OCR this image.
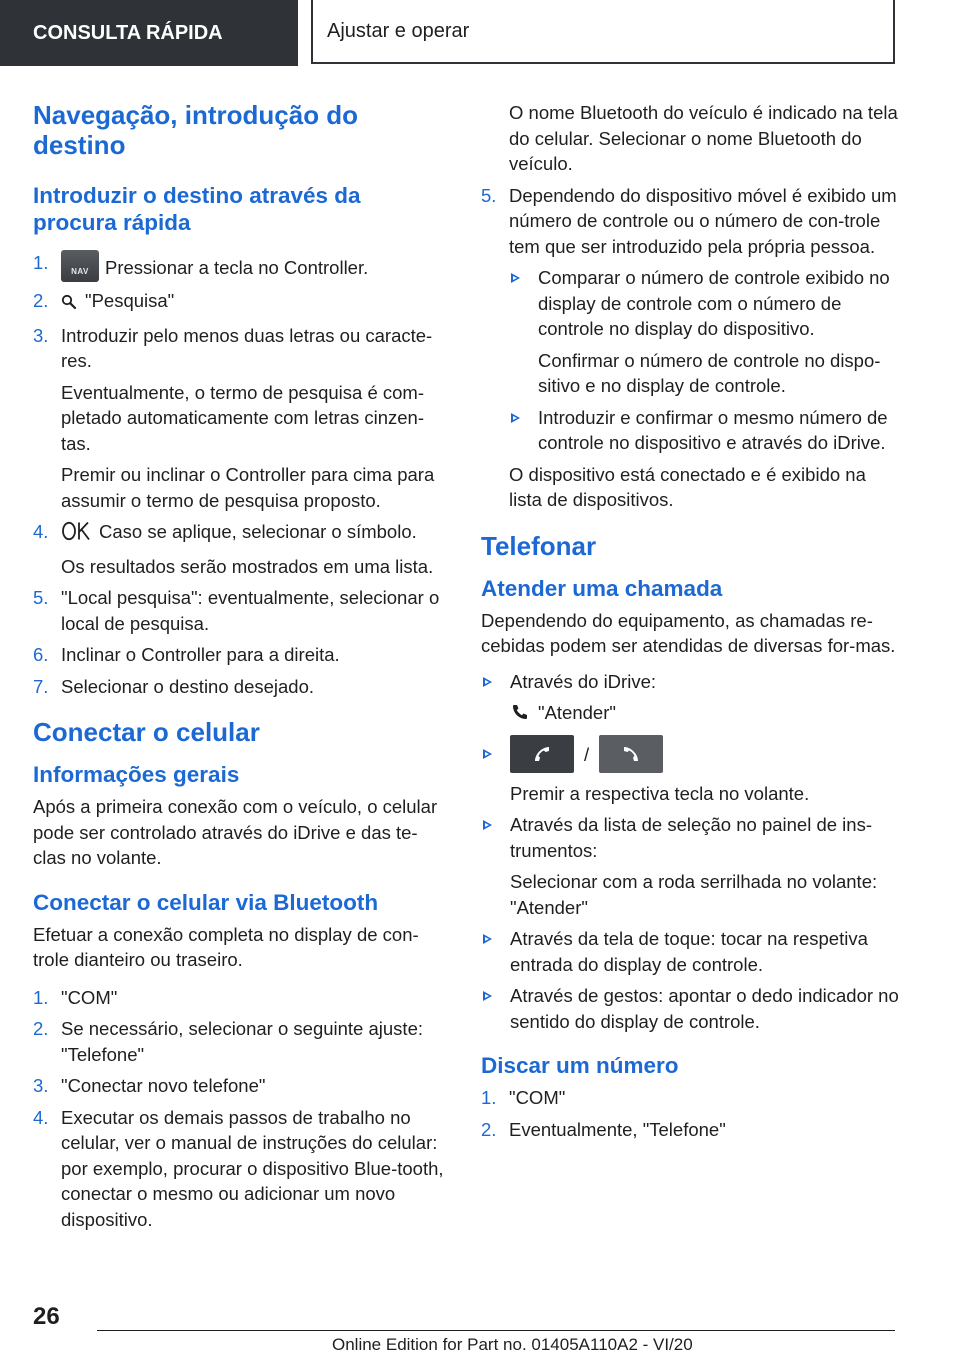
CONSULTA RÁPIDA	Ajustar e operar
Navegação, introdução do destino
Introduzir o destino através da procura rápida
1.	NAV Pressionar a tecla no Controller.
2. "Pesquisa"
3. Introduzir pelo menos duas letras ou caracte-res.

Eventualmente, o termo de pesquisa é com-pletado automaticamente com letras cinzen-tas.

Premir ou inclinar o Controller para cima para assumir o termo de pesquisa proposto.

4.	Caso se aplique, selecionar o símbolo.

Os resultados serão mostrados em uma lista.

5. "Local pesquisa": eventualmente, selecionar o local de pesquisa.
6. Inclinar o Controller para a direita.
7. Selecionar o destino desejado.
Conectar o celular
Informações gerais

Após a primeira conexão com o veículo, o celular pode ser controlado através do iDrive e das te-clas no volante.

Conectar o celular via Bluetooth

Efetuar a conexão completa no display de con-trole dianteiro ou traseiro.

1. "COM"
2. Se necessário, selecionar o seguinte ajuste: "Telefone"
3. "Conectar novo telefone"
4. Executar os demais passos de trabalho no celular, ver o manual de instruções do celular: por exemplo, procurar o dispositivo Blue-tooth, conectar o mesmo ou adicionar um novo dispositivo.

O nome Bluetooth do veículo é indicado na tela do celular. Selecionar o nome Bluetooth do veículo.

5. Dependendo do dispositivo móvel é exibido um número de controle ou o número de con-trole tem que ser introduzido pela própria pessoa.

Comparar o número de controle exibido no display de controle com o número de controle no display do dispositivo.

Confirmar o número de controle no dispo-sitivo e no display de controle.

Introduzir e confirmar o mesmo número de controle no dispositivo e através do iDrive.

O dispositivo está conectado e é exibido na lista de dispositivos.

Telefonar
Atender uma chamada

Dependendo do equipamento, as chamadas re-cebidas podem ser atendidas de diversas for-mas.

Através do iDrive:

"Atender"

/

Premir a respectiva tecla no volante.

Através da lista de seleção no painel de ins-trumentos:

Selecionar com a roda serrilhada no volante: "Atender"

Através da tela de toque: tocar na respetiva entrada do display de controle.

Através de gestos: apontar o dedo indicador no sentido do display de controle.

Discar um número
1. "COM"
2. Eventualmente, "Telefone"
26
Online Edition for Part no. 01405A110A2 - VI/20
